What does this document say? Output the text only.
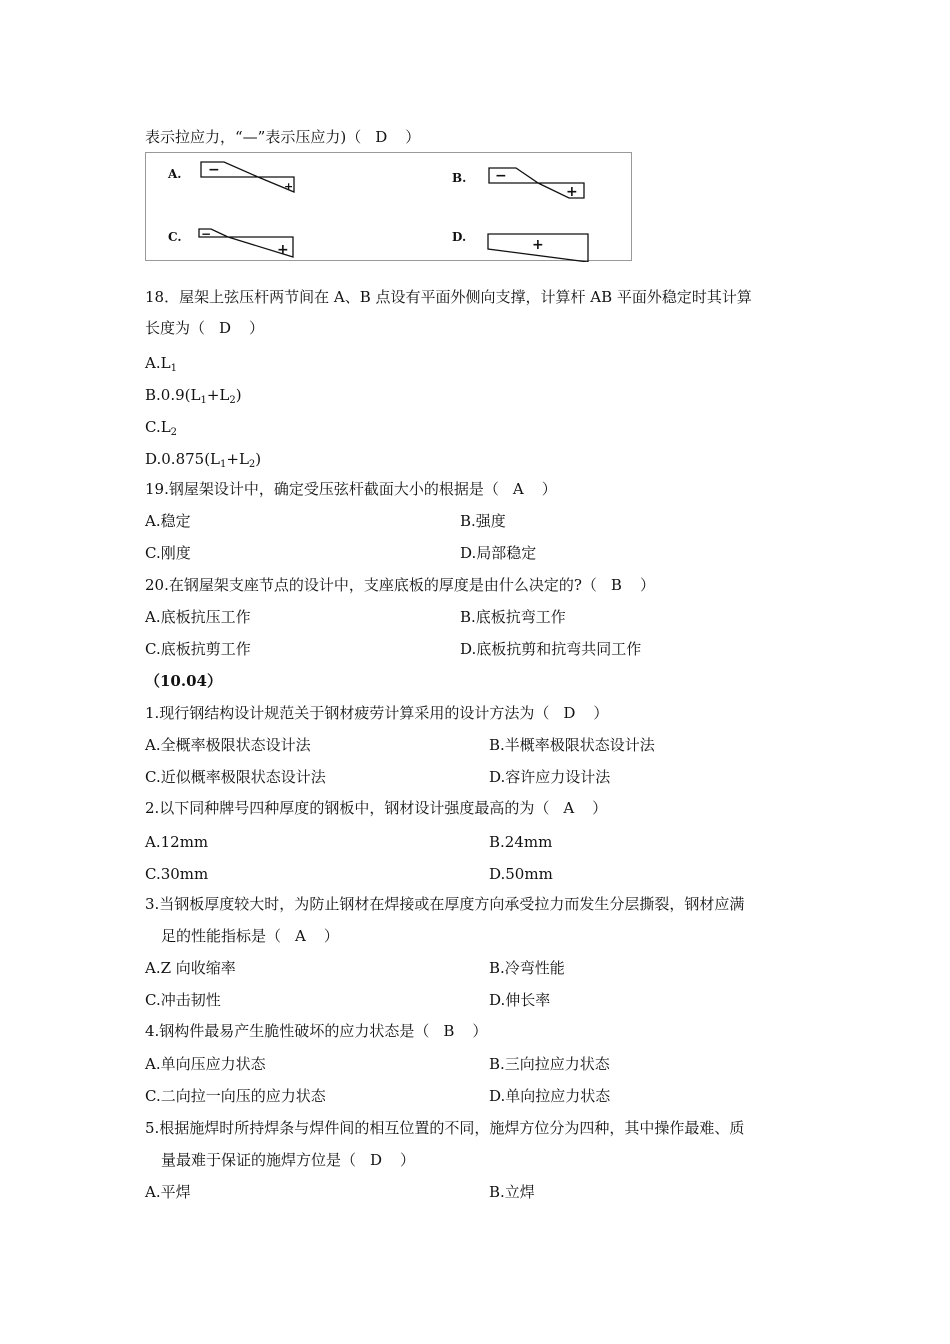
表示拉应力，“—”表示压应力)（ D ）
A.	B.
C.	D.
−
+
−
+
−
+	+
18．屋架上弦压杆两节间在 A、B 点设有平面外侧向支撑，计算杆 AB 平面外稳定时其计算
长度为（ D ）
$A.L_1$
$B.0.9(L_1+L_2)$
$C.L_2$
$D.0.875(L_1+L_2)$
19.钢屋架设计中，确定受压弦杆截面大小的根据是（ A ）
A.稳定	B.强度
C.刚度	D.局部稳定
20.在钢屋架支座节点的设计中，支座底板的厚度是由什么决定的?（ B ）
A.底板抗压工作	B.底板抗弯工作
C.底板抗剪工作	D.底板抗剪和抗弯共同工作
（10.04）
1.现行钢结构设计规范关于钢材疲劳计算采用的设计方法为（ D ）
A.全概率极限状态设计法	B.半概率极限状态设计法
C.近似概率极限状态设计法	D.容许应力设计法
2.以下同种牌号四种厚度的钢板中，钢材设计强度最高的为（ A ）
A.12mm	B.24mm
C.30mm	D.50mm
3.当钢板厚度较大时，为防止钢材在焊接或在厚度方向承受拉力而发生分层撕裂，钢材应满
足的性能指标是（ A ）
A.Z 向收缩率	B.冷弯性能
C.冲击韧性	D.伸长率
4.钢构件最易产生脆性破坏的应力状态是（ B ）
A.单向压应力状态	B.三向拉应力状态
C.二向拉一向压的应力状态	D.单向拉应力状态
5.根据施焊时所持焊条与焊件间的相互位置的不同，施焊方位分为四种，其中操作最难、质
量最难于保证的施焊方位是（ D ）
A.平焊	B.立焊
